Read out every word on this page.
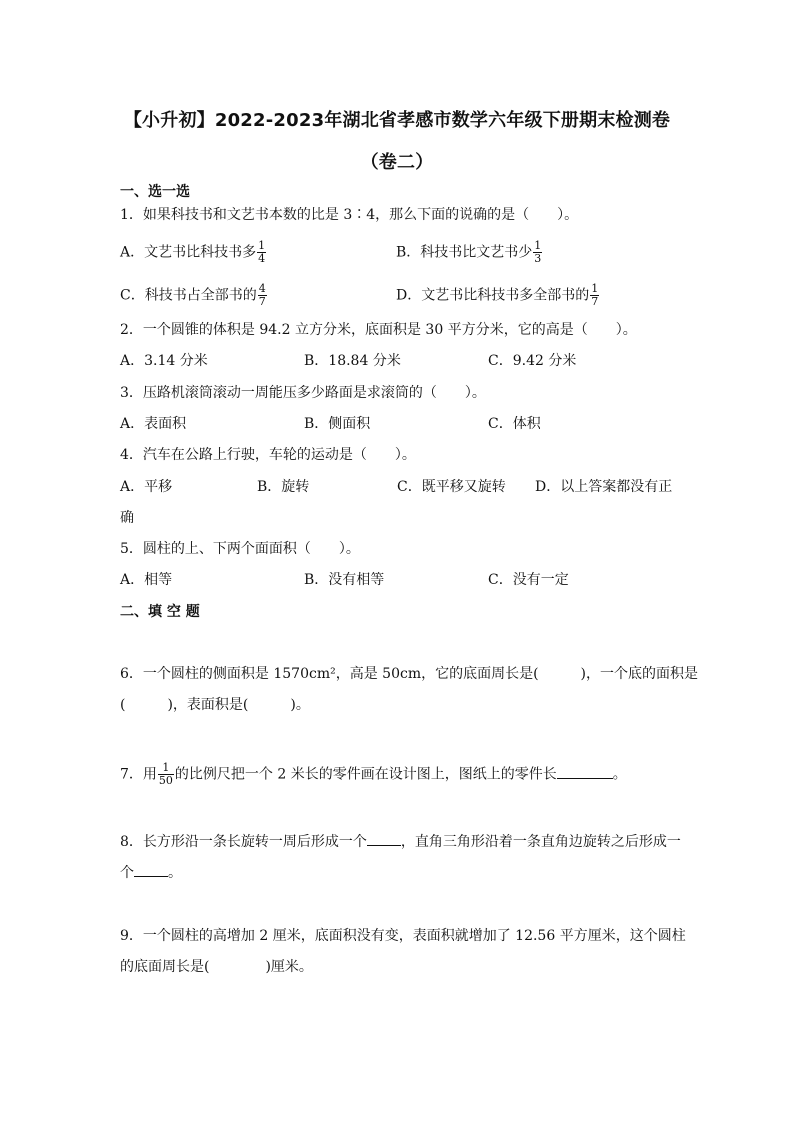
【小升初】2022-2023年湖北省孝感市数学六年级下册期末检测卷
（卷二）
一、选一选
1．如果科技书和文艺书本数的比是 3∶4，那么下面的说确的是（　　）。
A．文艺书比科技书多 $\frac{1}{4}$	B．科技书比文艺书少 $\frac{1}{3}$
C．科技书占全部书的 $\frac{4}{7}$	D．文艺书比科技书多全部书的 $\frac{1}{7}$
2．一个圆锥的体积是 94.2 立方分米，底面积是 30 平方分米，它的高是（　　）。
A．3.14 分米	B．18.84 分米	C．9.42 分米
3．压路机滚筒滚动一周能压多少路面是求滚筒的（　　）。
A．表面积	B．侧面积	C．体积
4．汽车在公路上行驶，车轮的运动是（　　）。
A．平移	B．旋转	C．既平移又旋转 D．以上答案都没有正
确
5．圆柱的上、下两个面面积（　　）。
A．相等	B．没有相等	C．没有一定
二、填 空 题
6．一个圆柱的侧面积是 1570cm²，高是 50cm，它的底面周长是(　　　)，一个底的面积是
(　　　)，表面积是(　　　)。
7．用 $\frac{1}{50}$ 的比例尺把一个 2 米长的零件画在设计图上，图纸上的零件长	。
8．长方形沿一条长旋转一周后形成一个 ，直角三角形沿着一条直角边旋转之后形成一
个 。
9．一个圆柱的高增加 2 厘米，底面积没有变，表面积就增加了 12.56 平方厘米，这个圆柱
的底面周长是(　　　　)厘米。
